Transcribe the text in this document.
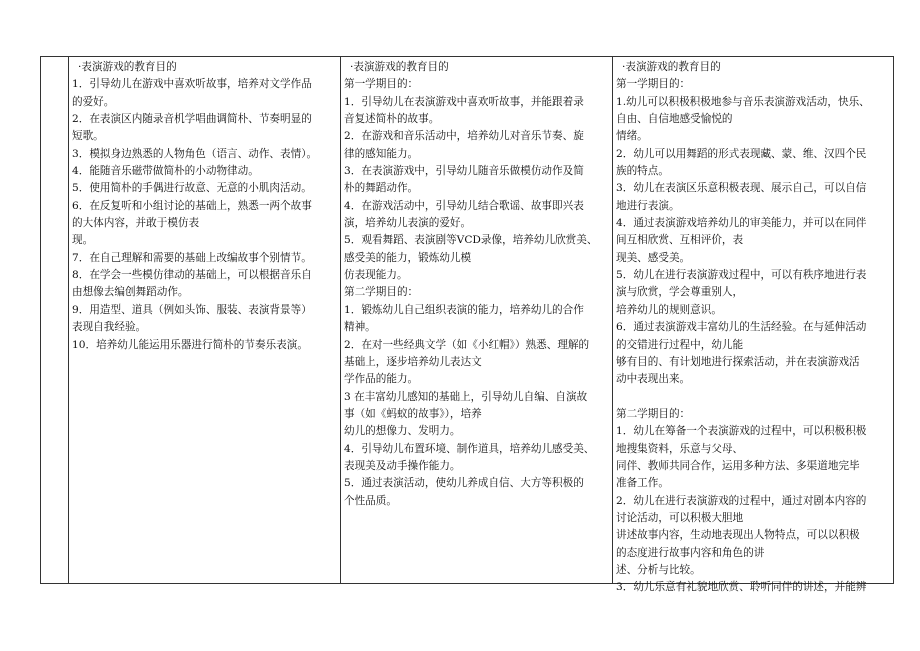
·表演游戏的教育目的

1．引导幼儿在游戏中喜欢听故事，培养对文学作品

的爱好。

2．在表演区内随录音机学唱曲调简朴、节奏明显的

短歌。

3．模拟身边熟悉的人物角色（语言、动作、表情）。

4．能随音乐磁带做简朴的小动物律动。

5．使用简朴的手偶进行故意、无意的小肌肉活动。

6．在反复听和小组讨论的基础上，熟悉一两个故事

的大体内容，并敢于模仿表

现。

7．在自己理解和需要的基础上改编故事个别情节。

8．在学会一些模仿律动的基础上，可以根据音乐自

由想像去编创舞蹈动作。

9．用造型、道具（例如头饰、服装、表演背景等）

表现自我经验。

10．培养幼儿能运用乐器进行简朴的节奏乐表演。

·表演游戏的教育目的

第一学期目的：

1．引导幼儿在表演游戏中喜欢听故事，并能跟着录

音复述简朴的故事。

2．在游戏和音乐活动中，培养幼儿对音乐节奏、旋

律的感知能力。

3．在表演游戏中，引导幼儿随音乐做模仿动作及简

朴的舞蹈动作。

4．在游戏活动中，引导幼儿结合歌谣、故事即兴表

演，培养幼儿表演的爱好。

5．观看舞蹈、表演剧等VCD录像，培养幼儿欣赏美、

感受美的能力，锻炼幼儿模

仿表现能力。

第二学期目的：

1．锻炼幼儿自己组织表演的能力，培养幼儿的合作

精神。

2．在对一些经典文学（如《小红帽》）熟悉、理解的

基础上，逐步培养幼儿表达文

学作品的能力。

3 在丰富幼儿感知的基础上，引导幼儿自编、自演故

事（如《蚂蚁的故事》），培养

幼儿的想像力、发明力。

4．引导幼儿布置环境、制作道具，培养幼儿感受美、

表现美及动手操作能力。

5．通过表演活动，使幼儿养成自信、大方等积极的

个性品质。

·表演游戏的教育目的

第一学期目的：

1.幼儿可以积极积极地参与音乐表演游戏活动，快乐、

自由、自信地感受愉悦的

情绪。

2．幼儿可以用舞蹈的形式表现藏、蒙、维、汉四个民

族的特点。

3．幼儿在表演区乐意积极表现、展示自己，可以自信

地进行表演。

4．通过表演游戏培养幼儿的审美能力，并可以在同伴

间互相欣赏、互相评价，表

现美、感受美。

5．幼儿在进行表演游戏过程中，可以有秩序地进行表

演与欣赏，学会尊重别人，

培养幼儿的规则意识。

6．通过表演游戏丰富幼儿的生活经验。在与延伸活动

的交错进行过程中，幼儿能

够有目的、有计划地进行探索活动，并在表演游戏活

动中表现出来。

第二学期目的：

1．幼儿在筹备一个表演游戏的过程中，可以积极积极

地搜集资料，乐意与父母、

同伴、教师共同合作，运用多种方法、多渠道地完毕

准备工作。

2．幼儿在进行表演游戏的过程中，通过对剧本内容的

讨论活动，可以积极大胆地

讲述故事内容，生动地表现出人物特点，可以以积极

的态度进行故事内容和角色的讲

述、分析与比较。

3．幼儿乐意有礼貌地欣赏、聆听同伴的讲述，并能辨
